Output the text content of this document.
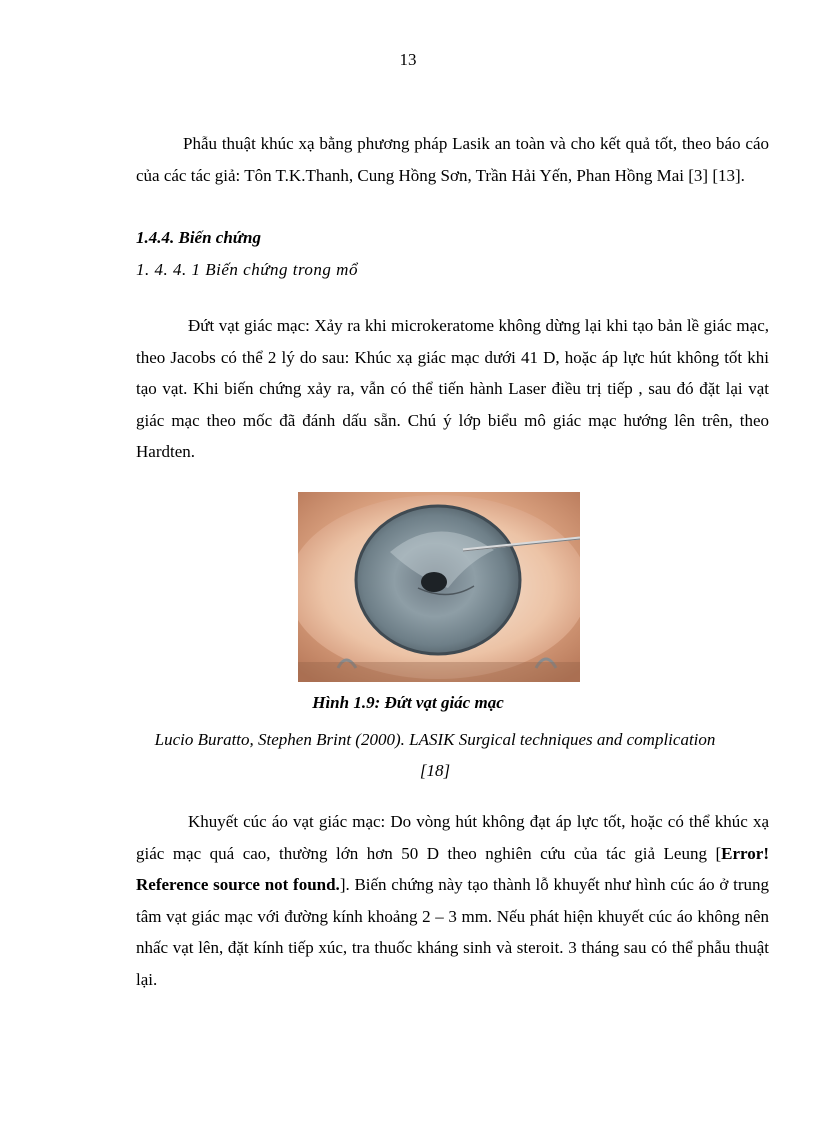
13

Phẫu thuật khúc xạ bằng phương pháp Lasik an toàn và cho kết quả tốt, theo báo cáo của các tác giả: Tôn T.K.Thanh, Cung Hồng Sơn, Trần Hải Yến, Phan Hồng Mai [3] [13].

1.4.4. Biến chứng
1. 4. 4. 1 Biến chứng trong mổ

Đứt vạt giác mạc: Xảy ra khi microkeratome không dừng lại khi tạo bản lề giác mạc, theo Jacobs có thể 2 lý do sau: Khúc xạ giác mạc dưới 41 D, hoặc áp lực hút không tốt khi tạo vạt. Khi biến chứng xảy ra, vẫn có thể tiến hành Laser điều trị tiếp , sau đó đặt lại vạt giác mạc theo mốc đã đánh dấu sẵn. Chú ý lớp biểu mô giác mạc hướng lên trên, theo Hardten.

Hình 1.9: Đứt vạt giác mạc
Lucio Buratto, Stephen Brint (2000). LASIK Surgical techniques and complication [18]

Khuyết cúc áo vạt giác mạc: Do vòng hút không đạt áp lực tốt, hoặc có thể khúc xạ giác mạc quá cao, thường lớn hơn 50 D theo nghiên cứu của tác giả Leung [Error! Reference source not found.]. Biến chứng này tạo thành lỗ khuyết như hình cúc áo ở trung tâm vạt giác mạc với đường kính khoảng 2 – 3 mm. Nếu phát hiện khuyết cúc áo không nên nhấc vạt lên, đặt kính tiếp xúc, tra thuốc kháng sinh và steroit. 3 tháng sau có thể phẫu thuật lại.
